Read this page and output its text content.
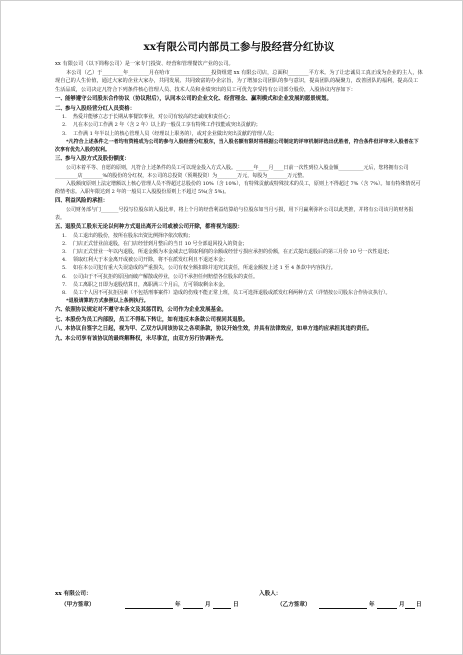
xx有限公司内部员工参与股经营分红协议

xx 有限公司（以下简称公司）是一家专门投资、经营和管理餐饮产业的公司。

本公司（乙）于________年________月在哈市________________投资组建 xx 有限公司店，总面积________平方米。为了让忠诚员工真正成为企业的主人，体现自己的人生价值，通过大家的企业大家办，共同发展、共同致富的办企宗旨，为了增加公司团队的参与意识，提高团队的凝聚力，改善团队的福利，提高员工生活品质，公司决定凡符合下列条件核心管理人员、技术人员和业绩突出的员工可优先享受持有公司部分股份，入股协议内容如下：

一、能够遵守公司股东合作协议（协议附后），认同本公司的企业文化、经营理念、赢利模式和企业发展的愿景规划。
二、参与入股经营分红人员资格：
1. 热爱并能够立志于长期从事餐饮事业，对公司有较高的忠诚度和责任心；
2. 凡在本公司工作满 2 年（含 2 年）以上的一般员工享有特殊工作技能或突出贡献的；
3. 工作满 1 年半以上的核心管理人员（经理以上职务的），或对企业做出突出贡献的管理人员；
*凡符合上述条件之一者均有资格成为公司的参与入股经营分红股东，当入股名额有限时将根据公司制定的评审机制评选出优胜者，符合条件但评审未入股者在下次享有优先入股的权利。
三、参与入股方式及股份额度：
公司本着平等、自愿的原则，凡符合上述条件的员工可以现金投入方式入股。_______年____月____日前一次性到位入股金额__________元后，您将拥有公司_________店________%的股份的分红权，本公司的总投资（预期投资）为________万元，每股为________万元整。
入股额度原则上法定增额以上核心管理人员不得超过总股份的 10%（含 10%），有特殊贡献或特殊技术的员工，原则上不得超过 7%（含 7%）。如有特殊情况可酌情考虑。入职年限达到 2 年的一般员工入股股份原则上不超过 5%(含 5%)。
四、利益风险的承担：
公司财务部与门_______号投写位股东的入股比率，将上个月的经营利益结算给与位股东如当月亏损，用下月赢利弥补公司以此类推，并将有公司该月的财务报表。
五、退股员工股东无论以何种方式退出离开公司或被公司开除，都将视为退股：
1. 员工退出的股份，按所在股东出资比例择序依次收购；
2. 门店正式营业前退股，在门店经营到月整后的当日 10 号全部退回投入的资金；
3. 门店正式营业一年以内退股，所退金额为本金减去已领取利润的余额或经营亏损应承担的份额，在正式提出退股后的第三月份 10 号一次性退还；
4. 领取红利大于本金离开或被公司开除，将不在派发红利且不退还本金；
5. 如在本公司犯有重大失误造成的严重损失，公司有权全额扣除并追究其责任，所退金额按上述 1 至 4 条款中内容执行。
6. 公司由于不可抗拒的原因而破产解散或停业，公司不承担任何赔偿各位股东的责任。
7. 员工离职之日即为退股结算日，离职满三个月后，方可领取剩余本金。
8. 员工个人因不可抗拒因素（不包括刑事案件）造成的伤残不能正常上班，员工可选择退股或派发红利两种方式（详情按公司股东合作协议执行）。
*退股请算的方式参照以上条例执行。
六、依照协议规定对不遵守本条文及其惩罚的，公司作为企业发展基金。
七、本股份为员工内部股，员工不得私下转让，如有违反本条款公司视同其退股。
八、本协议自签字之日起，视为甲、乙双方认同该协议之各项条款，协议开始生效，并具有法律效应，如单方违约应承担其违约责任。
九、本公司享有该协议的最终解释权，未尽事宜，由双方另行协调补充。
xx 有限公司：	入股人：
（甲方签章）	年	月	日	（乙方签章）	年	月 日
